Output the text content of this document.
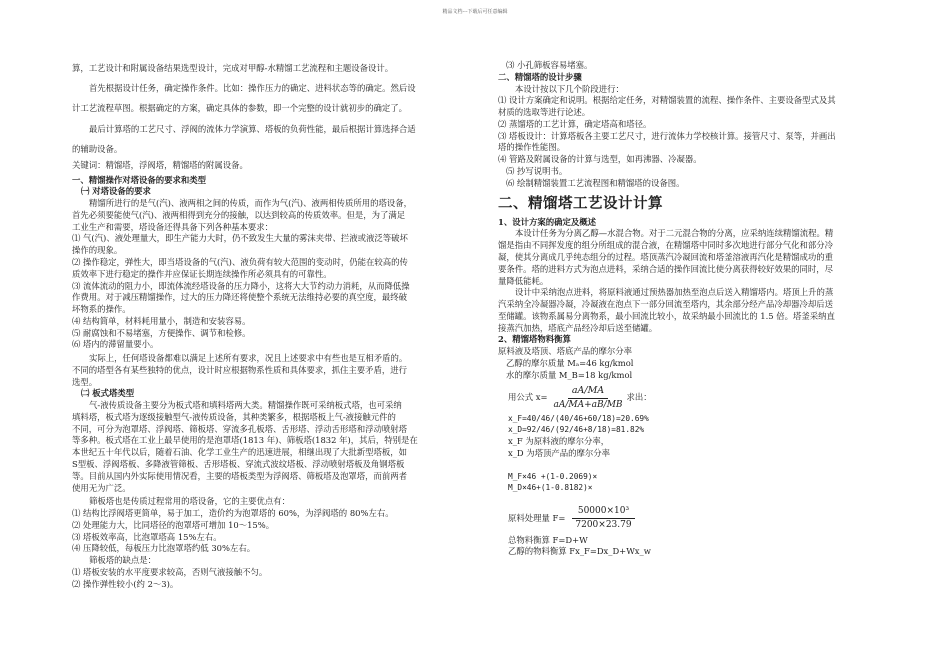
精品文档---下载后可任意编辑

算，工艺设计和附属设备结果选型设计，完成对甲醇-水精馏工艺流程和主题设备设计。

首先根据设计任务，确定操作条件。比如：操作压力的确定、进料状态等的确定。然后设

计工艺流程草图。根据确定的方案，确定具体的参数，即一个完整的设计就初步的确定了。

最后计算塔的工艺尺寸、浮阀的流体力学演算、塔板的负荷性能，最后根据计算选择合适

的辅助设备。

关键词：精馏塔，浮阀塔，精馏塔的附属设备。

一、精馏操作对塔设备的要求和类型

㈠ 对塔设备的要求

精馏所进行的是气(汽)、液两相之间的传质，而作为气(汽)、液两相传质所用的塔设备，

首先必须要能使气(汽)、液两相得到充分的接触，以达到较高的传质效率。但是，为了满足

工业生产和需要，塔设备还得具备下列各种基本要求：

⑴ 气(汽)、液处理量大，即生产能力大时，仍不致发生大量的雾沫夹带、拦液或液泛等破坏

操作的现象。

⑵ 操作稳定，弹性大，即当塔设备的气(汽)、液负荷有较大范围的变动时，仍能在较高的传

质效率下进行稳定的操作并应保证长期连续操作所必须具有的可靠性。

⑶ 流体流动的阻力小，即流体流经塔设备的压力降小，这将大大节约动力消耗，从而降低操

作费用。对于减压精馏操作，过大的压力降还将使整个系统无法维持必要的真空度，最终破

坏物系的操作。

⑷ 结构简单，材料耗用量小，制造和安装容易。

⑸ 耐腐蚀和不易堵塞，方便操作、调节和检修。

⑹ 塔内的滞留量要小。

实际上，任何塔设备都难以满足上述所有要求，况且上述要求中有些也是互相矛盾的。

不同的塔型各有某些独特的优点，设计时应根据物系性质和具体要求，抓住主要矛盾，进行

选型。

㈡ 板式塔类型

气-液传质设备主要分为板式塔和填料塔两大类。精馏操作既可采纳板式塔，也可采纳

填料塔，板式塔为逐级接触型气-液传质设备，其种类繁多，根据塔板上气-液接触元件的

不同，可分为泡罩塔、浮阀塔、筛板塔、穿流多孔板塔、舌形塔、浮动舌形塔和浮动喷射塔

等多种。板式塔在工业上最早使用的是泡罩塔(1813 年)、筛板塔(1832 年)，其后，特别是在

本世纪五十年代以后，随着石油、化学工业生产的迅速进展，相继出现了大批新型塔板，如

S型板、浮阀塔板、多降液管筛板、舌形塔板、穿流式波纹塔板、浮动喷射塔板及角钢塔板

等。目前从国内外实际使用情况看，主要的塔板类型为浮阀塔、筛板塔及泡罩塔，而前两者

使用无为广泛。

筛板塔也是传质过程常用的塔设备，它的主要优点有：

⑴ 结构比浮阀塔更简单，易于加工，造价约为泡罩塔的 60%，为浮阀塔的 80%左右。

⑵ 处理能力大，比同塔径的泡罩塔可增加 10～15%。

⑶ 塔板效率高，比泡罩塔高 15%左右。

⑷ 压降较低，每板压力比泡罩塔约低 30%左右。

筛板塔的缺点是：

⑴ 塔板安装的水平度要求较高，否则气液接触不匀。

⑵ 操作弹性较小(约 2～3)。

⑶ 小孔筛板容易堵塞。

二、精馏塔的设计步骤

本设计按以下几个阶段进行：

⑴ 设计方案确定和说明。根据给定任务，对精馏装置的流程、操作条件、主要设备型式及其

材质的选取等进行论述。

⑵ 蒸馏塔的工艺计算，确定塔高和塔径。

⑶ 塔板设计：计算塔板各主要工艺尺寸，进行流体力学校核计算。接管尺寸、泵等，并画出

塔的操作性能图。

⑷ 管路及附属设备的计算与选型，如再沸器、冷凝器。

⑸ 抄写说明书。

⑹ 绘制精馏装置工艺流程图和精馏塔的设备图。

二、精馏塔工艺设计计算

1、设计方案的确定及概述

本设计任务为分离乙醇—水混合物。对于二元混合物的分离，应采纳连续精馏流程。精

馏是指由不同挥发度的组分所组成的混合液，在精馏塔中同时多次地进行部分气化和部分冷

凝，使其分离成几乎纯态组分的过程。塔顶蒸汽冷凝回流和塔釜溶液再汽化是精馏成功的重

要条件。塔的进料方式为泡点进料，采纳合适的操作回流比使分离获得较好效果的同时，尽

量降低能耗。

设计中采纳泡点进料，将原料液通过预热器加热至泡点后送入精馏塔内。塔顶上升的蒸

汽采纳全冷凝器冷凝，冷凝液在泡点下一部分回流至塔内，其余部分经产品冷却器冷却后送

至储罐。该物系属易分离物系，最小回流比较小，故采纳最小回流比的 1.5 倍。塔釜采纳直

接蒸汽加热，塔底产品经冷却后送至储罐。

2、精馏塔物料衡算

原料液及塔顶、塔底产品的摩尔分率

乙醇的摩尔质量 Mₐ=46 kg/kmol

水的摩尔质量 M_B=18 kg/kmol

用公式 $x= \frac{aA/MA}{aA/MA+aB/MB}$ 求出：

x_F=40/46/(40/46+60/18)=20.69%

x_D=92/46/(92/46+8/18)=81.82%

x_F 为原料液的摩尔分率，

x_D 为塔顶产品的摩尔分率

M_F×46 +(1-0.2069)×

M_D×46+(1-0.8182)×

原料处理量 $F= \frac{\text{50000×10³}}{7200\times 23.79}$

总物料衡算 F=D+W

乙醇的物料衡算 Fx_F=Dx_D+Wx_w
